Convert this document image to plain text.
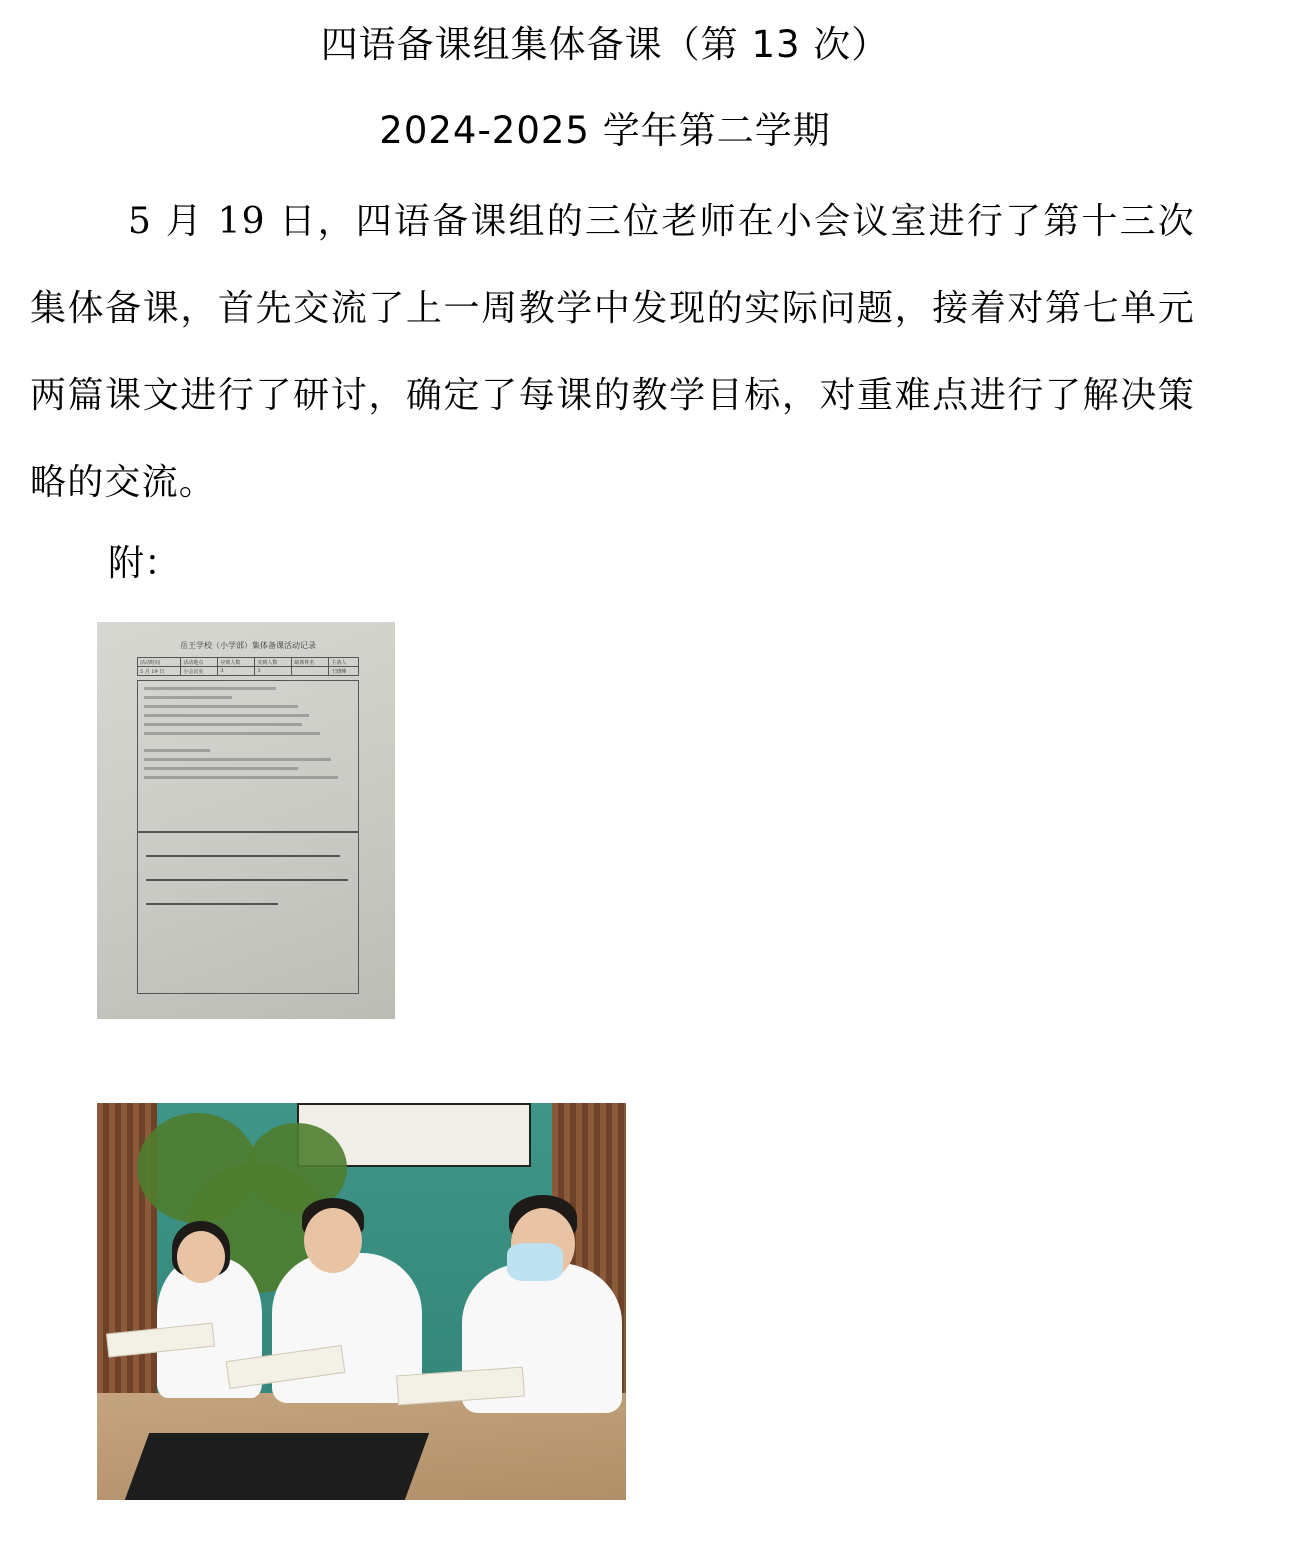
四语备课组集体备课（第 13 次）
2024-2025 学年第二学期
5 月 19 日，四语备课组的三位老师在小会议室进行了第十三次集体备课，首先交流了上一周教学中发现的实际问题，接着对第七单元两篇课文进行了研讨，确定了每课的教学目标，对重难点进行了解决策略的交流。
附：
岳王学校（小学部）集体备课活动记录
活动时间	活动地点	应到人数	实到人数	缺席姓名	主备人
5 月 19 日	小会议室	3	3		王晓峰
